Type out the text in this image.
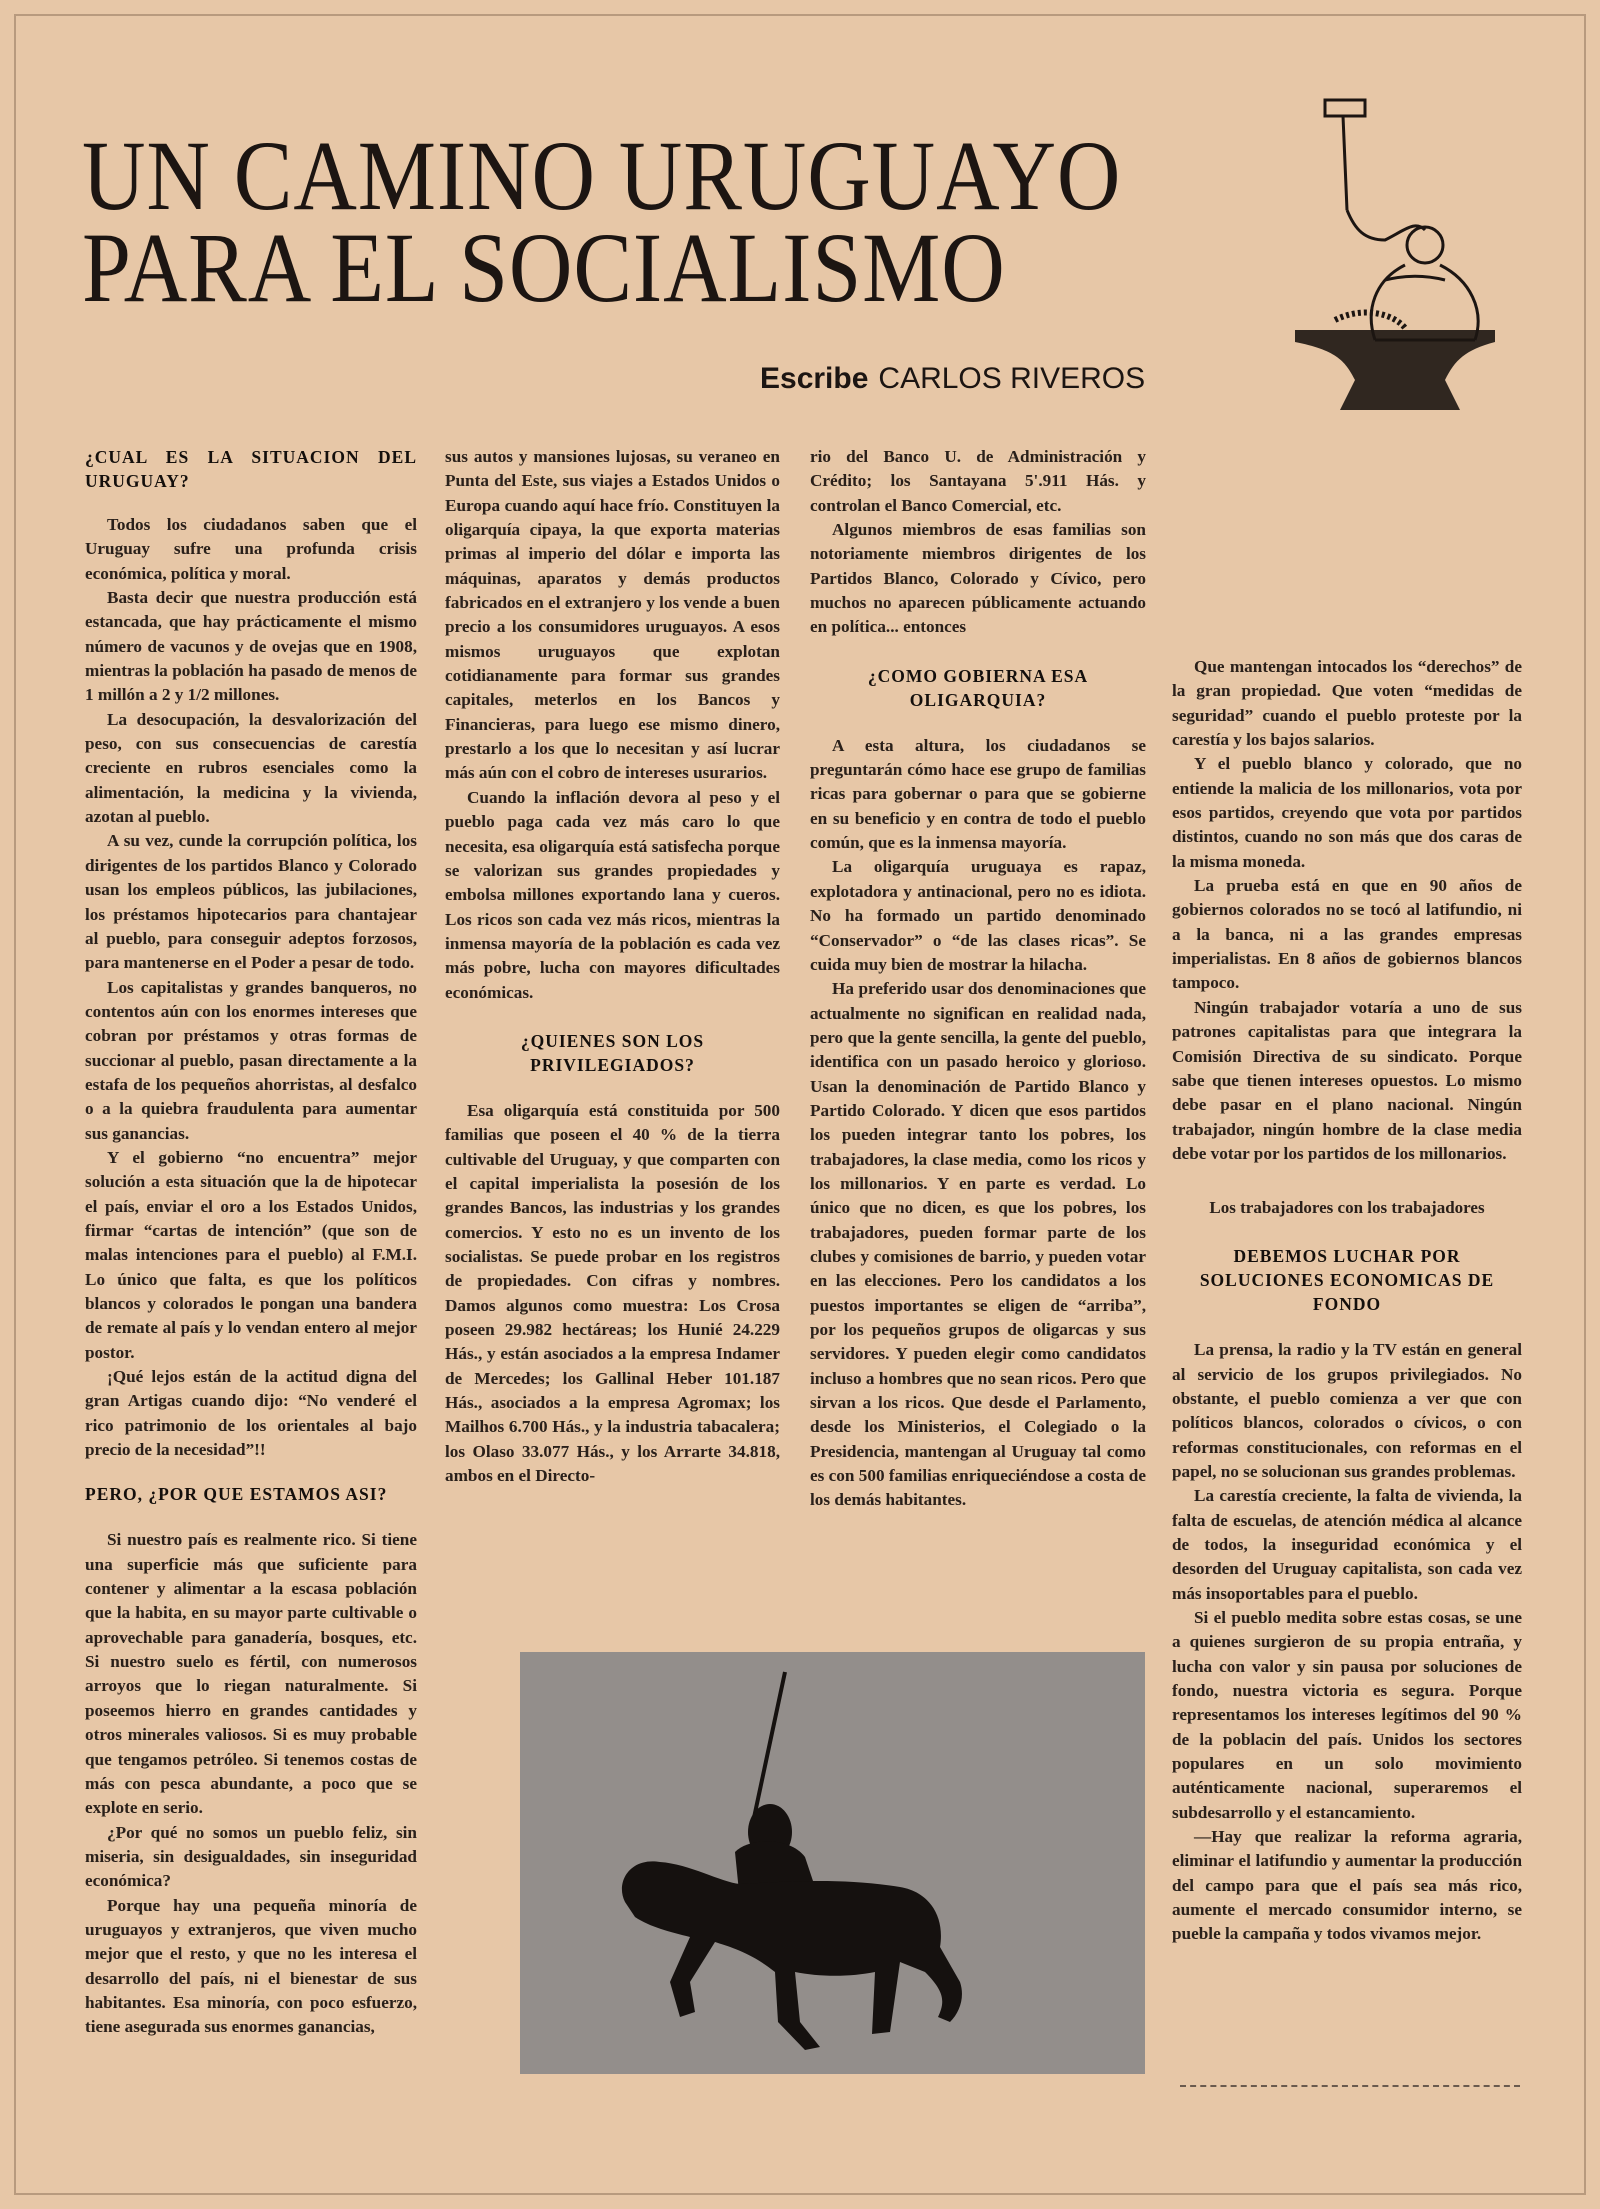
UN CAMINO URUGUAYO
PARA EL SOCIALISMO
Escribe CARLOS RIVEROS
¿CUAL ES LA SITUACION DEL URUGUAY?

Todos los ciudadanos saben que el Uruguay sufre una profunda crisis económica, política y moral.

Basta decir que nuestra producción está estancada, que hay prácticamente el mismo número de vacunos y de ovejas que en 1908, mientras la población ha pasado de menos de 1 millón a 2 y 1/2 millones.

La desocupación, la desvalorización del peso, con sus consecuencias de carestía creciente en rubros esenciales como la alimentación, la medicina y la vivienda, azotan al pueblo.

A su vez, cunde la corrupción política, los dirigentes de los partidos Blanco y Colorado usan los empleos públicos, las jubilaciones, los préstamos hipotecarios para chantajear al pueblo, para conseguir adeptos forzosos, para mantenerse en el Poder a pesar de todo.

Los capitalistas y grandes banqueros, no contentos aún con los enormes intereses que cobran por préstamos y otras formas de succionar al pueblo, pasan directamente a la estafa de los pequeños ahorristas, al desfalco o a la quiebra fraudulenta para aumentar sus ganancias.

Y el gobierno “no encuentra” mejor solución a esta situación que la de hipotecar el país, enviar el oro a los Estados Unidos, firmar “cartas de intención” (que son de malas intenciones para el pueblo) al F.M.I. Lo único que falta, es que los políticos blancos y colorados le pongan una bandera de remate al país y lo vendan entero al mejor postor.

¡Qué lejos están de la actitud digna del gran Artigas cuando dijo: “No venderé el rico patrimonio de los orientales al bajo precio de la necesidad”!!

PERO, ¿POR QUE ESTAMOS ASI?

Si nuestro país es realmente rico. Si tiene una superficie más que suficiente para contener y alimentar a la escasa población que la habita, en su mayor parte cultivable o aprovechable para ganadería, bosques, etc. Si nuestro suelo es fértil, con numerosos arroyos que lo riegan naturalmente. Si poseemos hierro en grandes cantidades y otros minerales valiosos. Si es muy probable que tengamos petróleo. Si tenemos costas de más con pesca abundante, a poco que se explote en serio.

¿Por qué no somos un pueblo feliz, sin miseria, sin desigualdades, sin inseguridad económica?

Porque hay una pequeña minoría de uruguayos y extranjeros, que viven mucho mejor que el resto, y que no les interesa el desarrollo del país, ni el bienestar de sus habitantes. Esa minoría, con poco esfuerzo, tiene asegurada sus enormes ganancias,

sus autos y mansiones lujosas, su veraneo en Punta del Este, sus viajes a Estados Unidos o Europa cuando aquí hace frío. Constituyen la oligarquía cipaya, la que exporta materias primas al imperio del dólar e importa las máquinas, aparatos y demás productos fabricados en el extranjero y los vende a buen precio a los consumidores uruguayos. A esos mismos uruguayos que explotan cotidianamente para formar sus grandes capitales, meterlos en los Bancos y Financieras, para luego ese mismo dinero, prestarlo a los que lo necesitan y así lucrar más aún con el cobro de intereses usurarios.

Cuando la inflación devora al peso y el pueblo paga cada vez más caro lo que necesita, esa oligarquía está satisfecha porque se valorizan sus grandes propiedades y embolsa millones exportando lana y cueros. Los ricos son cada vez más ricos, mientras la inmensa mayoría de la población es cada vez más pobre, lucha con mayores dificultades económicas.

¿QUIENES SON LOS PRIVILEGIADOS?

Esa oligarquía está constituida por 500 familias que poseen el 40 % de la tierra cultivable del Uruguay, y que comparten con el capital imperialista la posesión de los grandes Bancos, las industrias y los grandes comercios. Y esto no es un invento de los socialistas. Se puede probar en los registros de propiedades. Con cifras y nombres. Damos algunos como muestra: Los Crosa poseen 29.982 hectáreas; los Hunié 24.229 Hás., y están asociados a la empresa Indamer de Mercedes; los Gallinal Heber 101.187 Hás., asociados a la empresa Agromax; los Mailhos 6.700 Hás., y la industria tabacalera; los Olaso 33.077 Hás., y los Arrarte 34.818, ambos en el Directo-

rio del Banco U. de Administración y Crédito; los Santayana 5'.911 Hás. y controlan el Banco Comercial, etc.

Algunos miembros de esas familias son notoriamente miembros dirigentes de los Partidos Blanco, Colorado y Cívico, pero muchos no aparecen públicamente actuando en política... entonces

¿COMO GOBIERNA ESA OLIGARQUIA?

A esta altura, los ciudadanos se preguntarán cómo hace ese grupo de familias ricas para gobernar o para que se gobierne en su beneficio y en contra de todo el pueblo común, que es la inmensa mayoría.

La oligarquía uruguaya es rapaz, explotadora y antinacional, pero no es idiota. No ha formado un partido denominado “Conservador” o “de las clases ricas”. Se cuida muy bien de mostrar la hilacha.

Ha preferido usar dos denominaciones que actualmente no significan en realidad nada, pero que la gente sencilla, la gente del pueblo, identifica con un pasado heroico y glorioso. Usan la denominación de Partido Blanco y Partido Colorado. Y dicen que esos partidos los pueden integrar tanto los pobres, los trabajadores, la clase media, como los ricos y los millonarios. Y en parte es verdad. Lo único que no dicen, es que los pobres, los trabajadores, pueden formar parte de los clubes y comisiones de barrio, y pueden votar en las elecciones. Pero los candidatos a los puestos importantes se eligen de “arriba”, por los pequeños grupos de oligarcas y sus servidores. Y pueden elegir como candidatos incluso a hombres que no sean ricos. Pero que sirvan a los ricos. Que desde el Parlamento, desde los Ministerios, el Colegiado o la Presidencia, mantengan al Uruguay tal como es con 500 familias enriqueciéndose a costa de los demás habitantes.

Que mantengan intocados los “derechos” de la gran propiedad. Que voten “medidas de seguridad” cuando el pueblo proteste por la carestía y los bajos salarios.

Y el pueblo blanco y colorado, que no entiende la malicia de los millonarios, vota por esos partidos, creyendo que vota por partidos distintos, cuando no son más que dos caras de la misma moneda.

La prueba está en que en 90 años de gobiernos colorados no se tocó al latifundio, ni a la banca, ni a las grandes empresas imperialistas. En 8 años de gobiernos blancos tampoco.

Ningún trabajador votaría a uno de sus patrones capitalistas para que integrara la Comisión Directiva de su sindicato. Porque sabe que tienen intereses opuestos. Lo mismo debe pasar en el plano nacional. Ningún trabajador, ningún hombre de la clase media debe votar por los partidos de los millonarios.

Los trabajadores con los trabajadores
DEBEMOS LUCHAR POR SOLUCIONES ECONOMICAS DE FONDO

La prensa, la radio y la TV están en general al servicio de los grupos privilegiados. No obstante, el pueblo comienza a ver que con políticos blancos, colorados o cívicos, o con reformas constitucionales, con reformas en el papel, no se solucionan sus grandes problemas.

La carestía creciente, la falta de vivienda, la falta de escuelas, de atención médica al alcance de todos, la inseguridad económica y el desorden del Uruguay capitalista, son cada vez más insoportables para el pueblo.

Si el pueblo medita sobre estas cosas, se une a quienes surgieron de su propia entraña, y lucha con valor y sin pausa por soluciones de fondo, nuestra victoria es segura. Porque representamos los intereses legítimos del 90 % de la poblacin del país. Unidos los sectores populares en un solo movimiento auténticamente nacional, superaremos el subdesarrollo y el estancamiento.

—Hay que realizar la reforma agraria, eliminar el latifundio y aumentar la producción del campo para que el país sea más rico, aumente el mercado consumidor interno, se pueble la campaña y todos vivamos mejor.
